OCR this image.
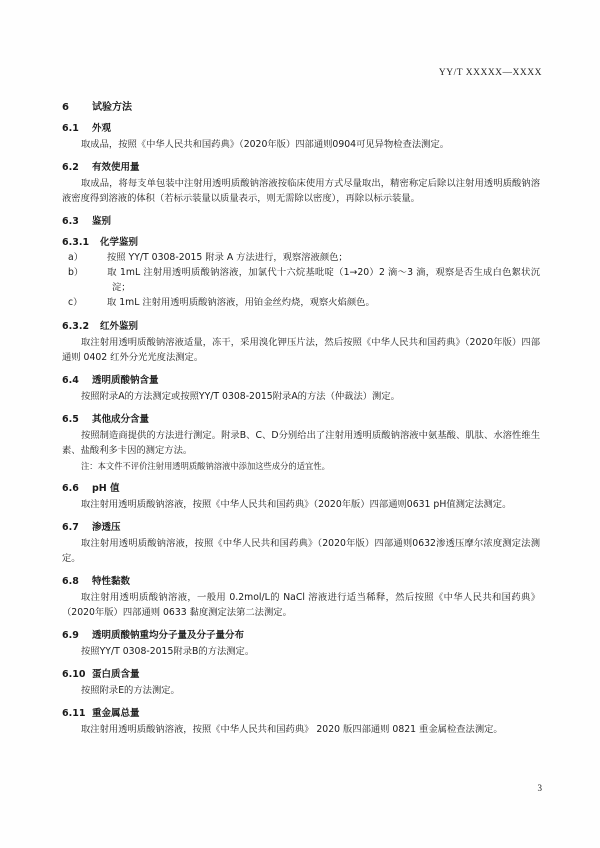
YY/T XXXXX—XXXX
6 试验方法
6.1 外观

取成品，按照《中华人民共和国药典》（2020年版）四部通则0904可见异物检查法测定。

6.2 有效使用量

取成品，将每支单包装中注射用透明质酸钠溶液按临床使用方式尽量取出，精密称定后除以注射用透明质酸钠溶液密度得到溶液的体积（若标示装量以质量表示，则无需除以密度），再除以标示装量。

6.3 鉴别
6.3.1 化学鉴别
a）	按照 YY/T 0308-2015 附录 A 方法进行，观察溶液颜色；
b）	取 1mL 注射用透明质酸钠溶液，加氯代十六烷基吡啶（1→20）2 滴～3 滴，观察是否生成白色絮状沉淀；
c）	取 1mL 注射用透明质酸钠溶液，用铂金丝灼烧，观察火焰颜色。
6.3.2 红外鉴别

取注射用透明质酸钠溶液适量，冻干，采用溴化钾压片法，然后按照《中华人民共和国药典》（2020年版）四部通则 0402 红外分光光度法测定。

6.4 透明质酸钠含量

按照附录A的方法测定或按照YY/T 0308-2015附录A的方法（仲裁法）测定。

6.5 其他成分含量

按照制造商提供的方法进行测定。附录B、C、D分别给出了注射用透明质酸钠溶液中氨基酸、肌肽、水溶性维生素、盐酸利多卡因的测定方法。

注：本文件不评价注射用透明质酸钠溶液中添加这些成分的适宜性。

6.6 pH 值

取注射用透明质酸钠溶液，按照《中华人民共和国药典》（2020年版）四部通则0631 pH值测定法测定。

6.7 渗透压

取注射用透明质酸钠溶液，按照《中华人民共和国药典》（2020年版）四部通则0632渗透压摩尔浓度测定法测定。

6.8 特性黏数

取注射用透明质酸钠溶液，一般用 0.2mol/L的 NaCl 溶液进行适当稀释，然后按照《中华人民共和国药典》（2020年版）四部通则 0633 黏度测定法第二法测定。

6.9 透明质酸钠重均分子量及分子量分布

按照YY/T 0308-2015附录B的方法测定。

6.10 蛋白质含量

按照附录E的方法测定。

6.11 重金属总量

取注射用透明质酸钠溶液，按照《中华人民共和国药典》 2020 版四部通则 0821 重金属检查法测定。

3
